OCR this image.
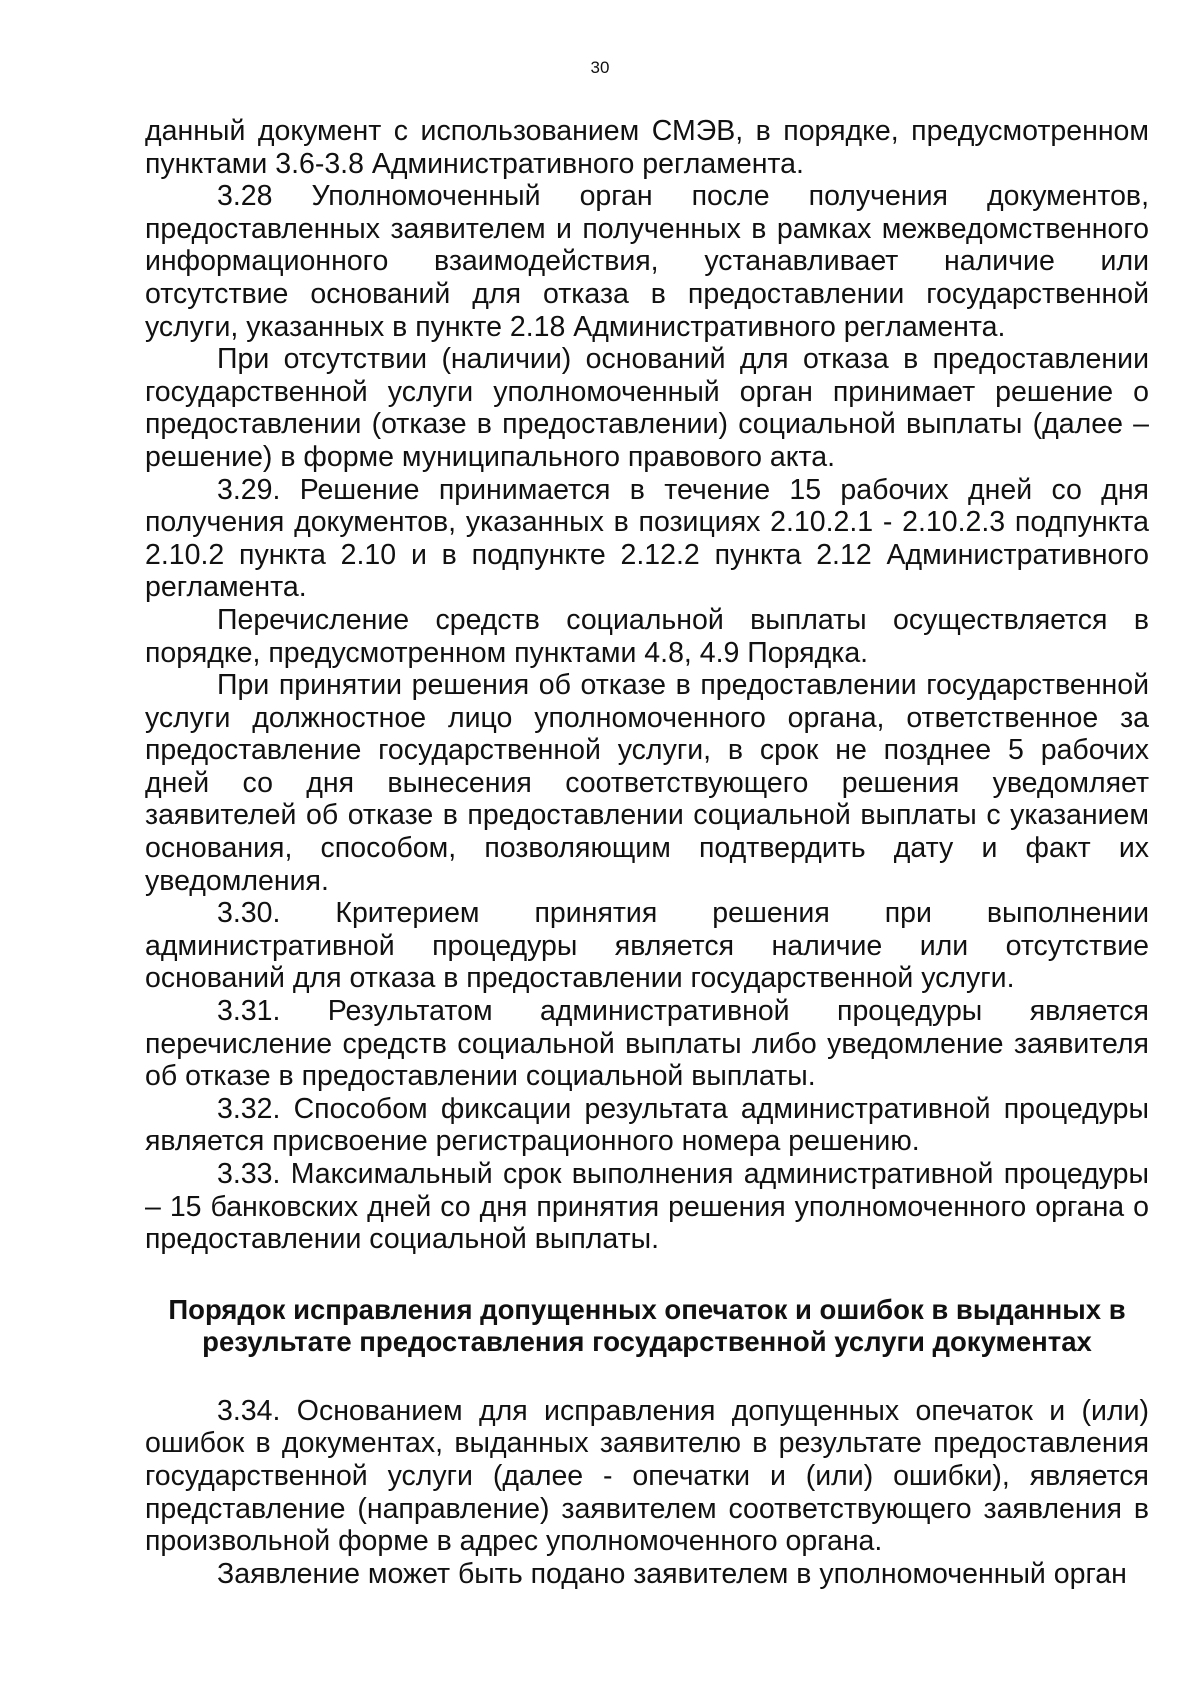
30

данный документ с использованием СМЭВ, в порядке, предусмотренном пунктами 3.6-3.8 Административного регламента.

3.28 Уполномоченный орган после получения документов, предоставленных заявителем и полученных в рамках межведомственного информационного взаимодействия, устанавливает наличие или отсутствие оснований для отказа в предоставлении государственной услуги, указанных в пункте 2.18 Административного регламента.

При отсутствии (наличии) оснований для отказа в предоставлении государственной услуги уполномоченный орган принимает решение о предоставлении (отказе в предоставлении) социальной выплаты (далее – решение) в форме муниципального правового акта.

3.29. Решение принимается в течение 15 рабочих дней со дня получения документов, указанных в позициях 2.10.2.1 - 2.10.2.3 подпункта 2.10.2 пункта 2.10 и в подпункте 2.12.2 пункта 2.12 Административного регламента.

Перечисление средств социальной выплаты осуществляется в порядке, предусмотренном пунктами 4.8, 4.9 Порядка.

При принятии решения об отказе в предоставлении государственной услуги должностное лицо уполномоченного органа, ответственное за предоставление государственной услуги, в срок не позднее 5 рабочих дней со дня вынесения соответствующего решения уведомляет заявителей об отказе в предоставлении социальной выплаты с указанием основания, способом, позволяющим подтвердить дату и факт их уведомления.

3.30. Критерием принятия решения при выполнении административной процедуры является наличие или отсутствие оснований для отказа в предоставлении государственной услуги.

3.31. Результатом административной процедуры является перечисление средств социальной выплаты либо уведомление заявителя об отказе в предоставлении социальной выплаты.

3.32. Способом фиксации результата административной процедуры является присвоение регистрационного номера решению.

3.33. Максимальный срок выполнения административной процедуры – 15 банковских дней со дня принятия решения уполномоченного органа о предоставлении социальной выплаты.

Порядок исправления допущенных опечаток и ошибок в выданных в результате предоставления государственной услуги документах

3.34. Основанием для исправления допущенных опечаток и (или) ошибок в документах, выданных заявителю в результате предоставления государственной услуги (далее - опечатки и (или) ошибки), является представление (направление) заявителем соответствующего заявления в произвольной форме в адрес уполномоченного органа.

Заявление может быть подано заявителем в уполномоченный орган
